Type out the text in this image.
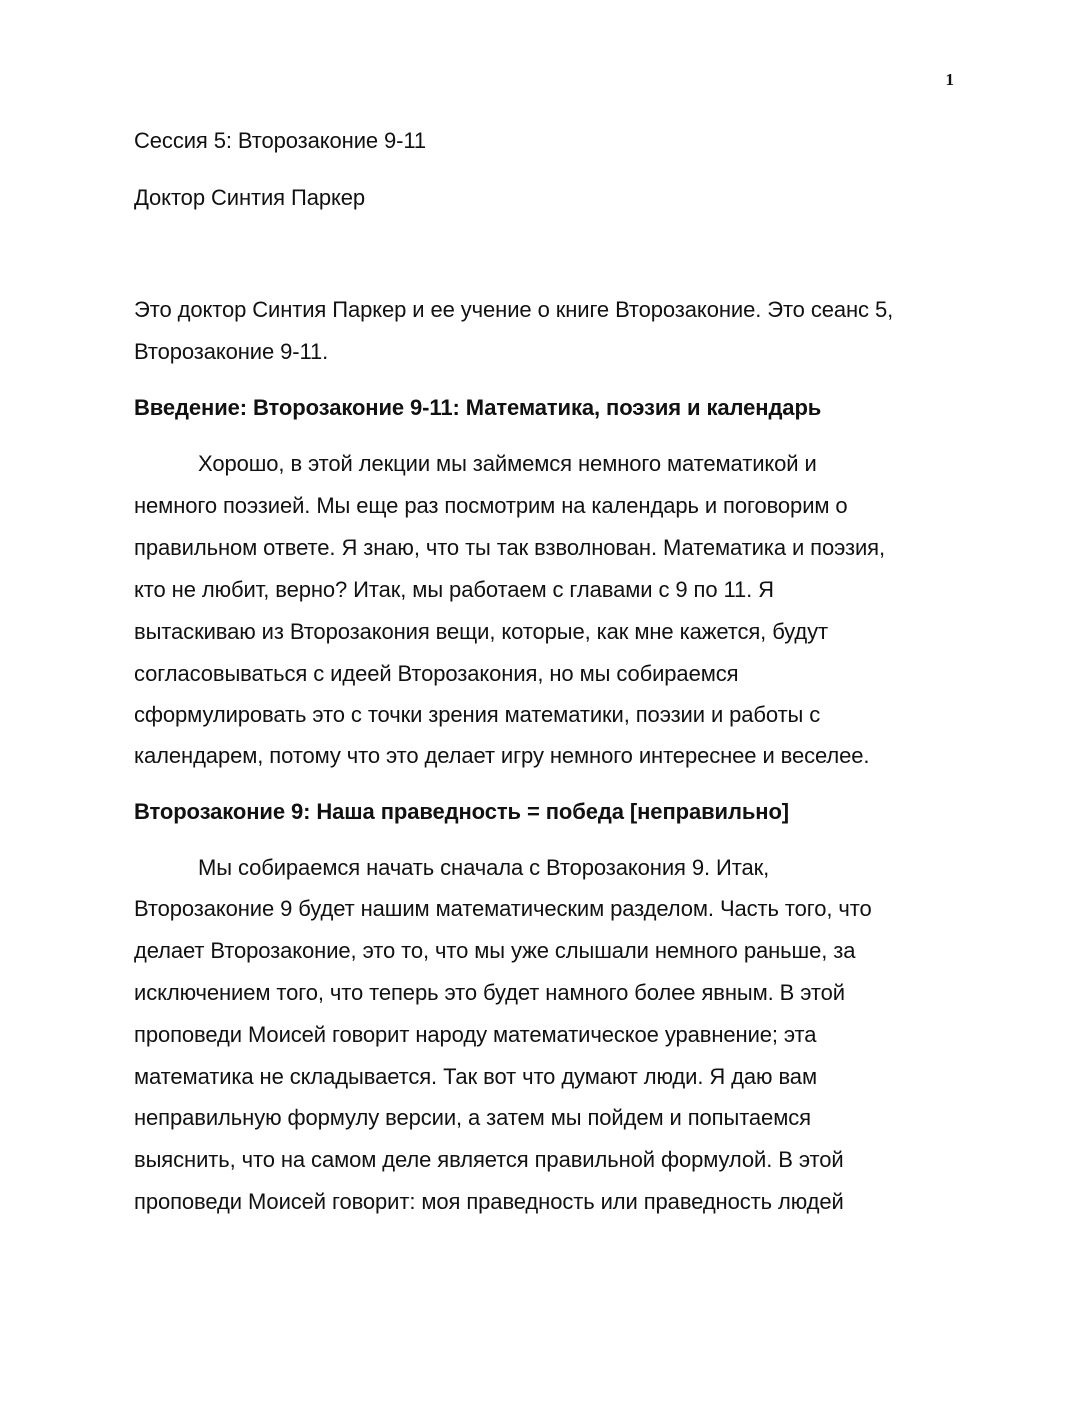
1
Сессия 5: Второзаконие 9-11
Доктор Синтия Паркер
Это доктор Синтия Паркер и ее учение о книге Второзаконие. Это сеанс 5,
Второзаконие 9-11.
Введение: Второзаконие 9-11: Математика, поэзия и календарь
Хорошо, в этой лекции мы займемся немного математикой и
немного поэзией. Мы еще раз посмотрим на календарь и поговорим о
правильном ответе. Я знаю, что ты так взволнован. Математика и поэзия,
кто не любит, верно? Итак, мы работаем с главами с 9 по 11. Я
вытаскиваю из Второзакония вещи, которые, как мне кажется, будут
согласовываться с идеей Второзакония, но мы собираемся
сформулировать это с точки зрения математики, поэзии и работы с
календарем, потому что это делает игру немного интереснее и веселее.
Второзаконие 9: Наша праведность = победа [неправильно]
Мы собираемся начать сначала с Второзакония 9. Итак,
Второзаконие 9 будет нашим математическим разделом. Часть того, что
делает Второзаконие, это то, что мы уже слышали немного раньше, за
исключением того, что теперь это будет намного более явным. В этой
проповеди Моисей говорит народу математическое уравнение; эта
математика не складывается. Так вот что думают люди. Я даю вам
неправильную формулу версии, а затем мы пойдем и попытаемся
выяснить, что на самом деле является правильной формулой. В этой
проповеди Моисей говорит: моя праведность или праведность людей
